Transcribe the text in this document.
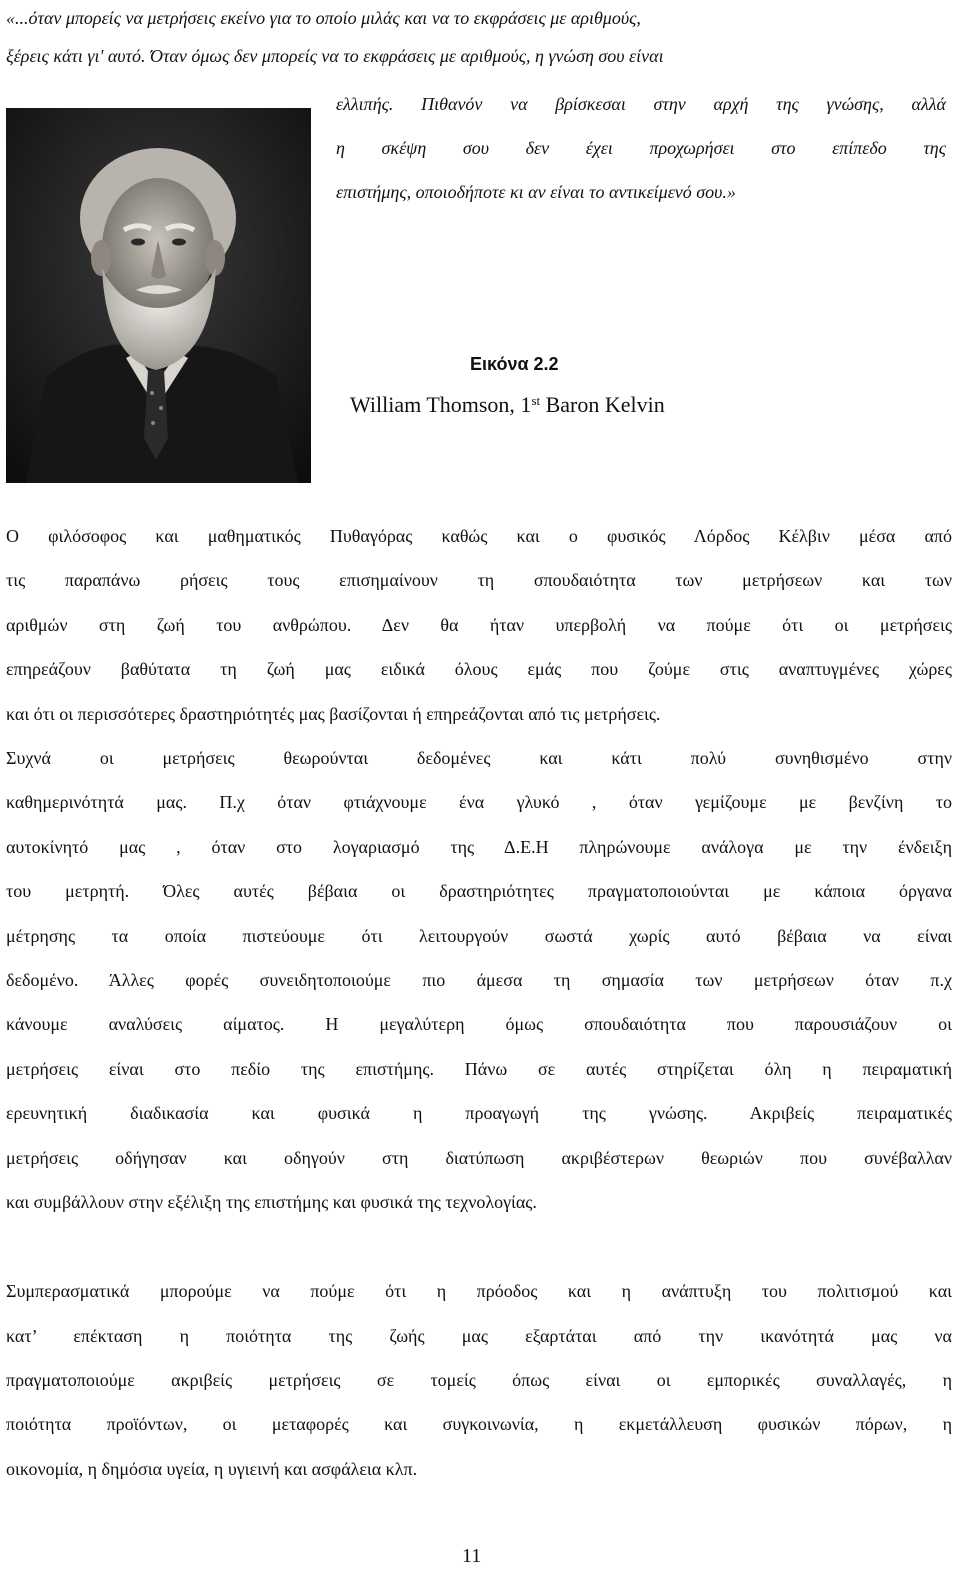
«...όταν μπορείς να μετρήσεις εκείνο για το οποίο μιλάς και να το εκφράσεις με αριθμούς,
ξέρεις κάτι γι' αυτό. Όταν όμως δεν μπορείς να το εκφράσεις με αριθμούς, η γνώση σου είναι
ελλιπής. Πιθανόν να βρίσκεσαι στην αρχή της γνώσης, αλλά
η σκέψη σου δεν έχει προχωρήσει στο επίπεδο της
επιστήμης, οποιοδήποτε κι αν είναι το αντικείμενό σου.»
Εικόνα 2.2
William Thomson, 1st Baron Kelvin
Ο φιλόσοφος και μαθηματικός Πυθαγόρας καθώς και ο φυσικός Λόρδος Κέλβιν μέσα από
τις παραπάνω ρήσεις τους επισημαίνουν τη σπουδαιότητα των μετρήσεων και των
αριθμών στη ζωή του ανθρώπου. Δεν θα ήταν υπερβολή να πούμε ότι οι μετρήσεις
επηρεάζουν βαθύτατα τη ζωή μας ειδικά όλους εμάς που ζούμε στις αναπτυγμένες χώρες
και ότι οι περισσότερες δραστηριότητές μας βασίζονται ή επηρεάζονται από τις μετρήσεις.
Συχνά οι μετρήσεις θεωρούνται δεδομένες και κάτι πολύ συνηθισμένο στην
καθημερινότητά μας. Π.χ όταν φτιάχνουμε ένα γλυκό , όταν γεμίζουμε με βενζίνη το
αυτοκίνητό μας , όταν στο λογαριασμό της Δ.Ε.Η πληρώνουμε ανάλογα με την ένδειξη
του μετρητή. Όλες αυτές βέβαια οι δραστηριότητες πραγματοποιούνται με κάποια όργανα
μέτρησης τα οποία πιστεύουμε ότι λειτουργούν σωστά χωρίς αυτό βέβαια να είναι
δεδομένο. Άλλες φορές συνειδητοποιούμε πιο άμεσα τη σημασία των μετρήσεων όταν π.χ
κάνουμε αναλύσεις αίματος. Η μεγαλύτερη όμως σπουδαιότητα που παρουσιάζουν οι
μετρήσεις είναι στο πεδίο της επιστήμης. Πάνω σε αυτές στηρίζεται όλη η πειραματική
ερευνητική διαδικασία και φυσικά η προαγωγή της γνώσης. Ακριβείς πειραματικές
μετρήσεις οδήγησαν και οδηγούν στη διατύπωση ακριβέστερων θεωριών που συνέβαλλαν
και συμβάλλουν στην εξέλιξη της επιστήμης και φυσικά της τεχνολογίας.
Συμπερασματικά μπορούμε να πούμε ότι η πρόοδος και η ανάπτυξη του πολιτισμού και
κατ’ επέκταση η ποιότητα της ζωής μας εξαρτάται από την ικανότητά μας να
πραγματοποιούμε ακριβείς μετρήσεις σε τομείς όπως είναι οι εμπορικές συναλλαγές, η
ποιότητα προϊόντων, οι μεταφορές και συγκοινωνία, η εκμετάλλευση φυσικών πόρων, η
οικονομία, η δημόσια υγεία, η υγιεινή και ασφάλεια κλπ.
11
